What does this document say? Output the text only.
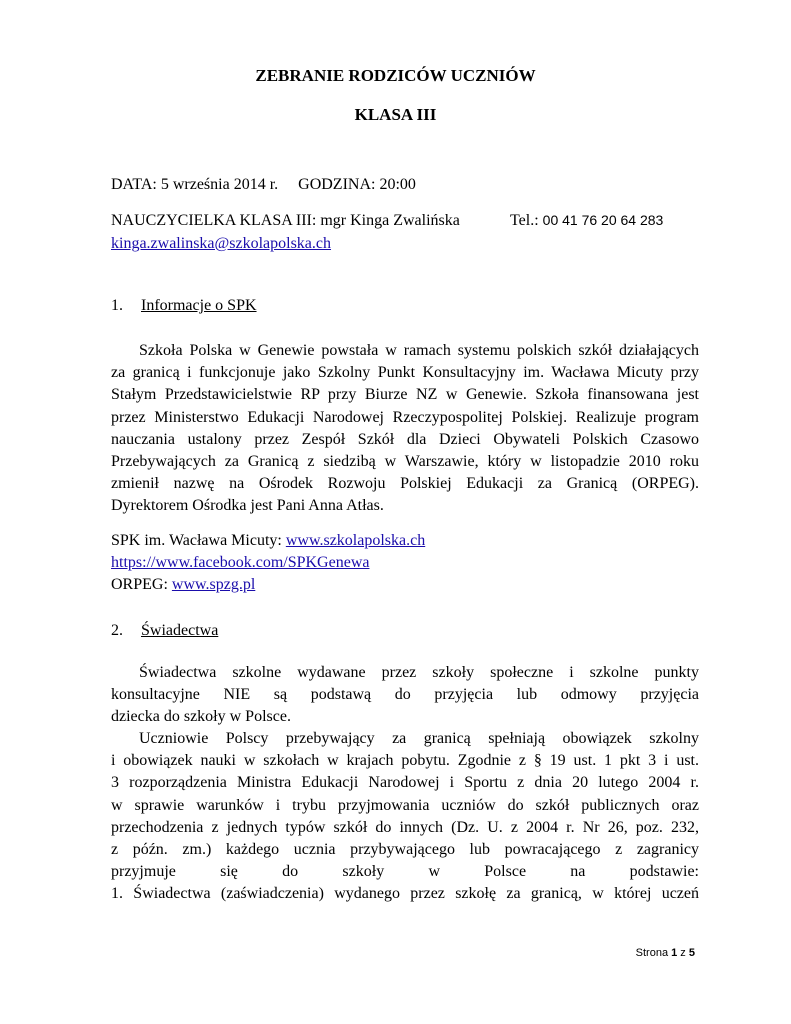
ZEBRANIE RODZICÓW UCZNIÓW
KLASA III
DATA: 5 września 2014 r.     GODZINA: 20:00
NAUCZYCIELKA KLASA III: mgr Kinga Zwalińska	Tel.: 00 41 76 20 64 283
kinga.zwalinska@szkolapolska.ch
1. Informacje o SPK
Szkoła Polska w Genewie powstała w ramach systemu polskich szkół działających
za granicą i funkcjonuje jako Szkolny Punkt Konsultacyjny im. Wacława Micuty przy
Stałym Przedstawicielstwie RP przy Biurze NZ w Genewie. Szkoła finansowana jest
przez Ministerstwo Edukacji Narodowej Rzeczypospolitej Polskiej. Realizuje program
nauczania ustalony przez Zespół Szkół dla Dzieci Obywateli Polskich Czasowo
Przebywających za Granicą z siedzibą w Warszawie, który w listopadzie 2010 roku
zmienił nazwę na Ośrodek Rozwoju Polskiej Edukacji za Granicą (ORPEG).
Dyrektorem Ośrodka jest Pani Anna Atłas.
SPK im. Wacława Micuty: www.szkolapolska.ch
https://www.facebook.com/SPKGenewa
ORPEG: www.spzg.pl
2. Świadectwa
Świadectwa szkolne wydawane przez szkoły społeczne i szkolne punkty
konsultacyjne NIE są podstawą do przyjęcia lub odmowy przyjęcia
dziecka do szkoły w Polsce.
Uczniowie Polscy przebywający za granicą spełniają obowiązek szkolny
i obowiązek nauki w szkołach w krajach pobytu. Zgodnie z § 19 ust. 1 pkt 3 i ust.
3 rozporządzenia Ministra Edukacji Narodowej i Sportu z dnia 20 lutego 2004 r.
w sprawie warunków i trybu przyjmowania uczniów do szkół publicznych oraz
przechodzenia z jednych typów szkół do innych (Dz. U. z 2004 r. Nr 26, poz. 232,
z późn. zm.) każdego ucznia przybywającego lub powracającego z zagranicy
przyjmuje się do szkoły w Polsce na podstawie:
1. Świadectwa (zaświadczenia) wydanego przez szkołę za granicą, w której uczeń
Strona 1 z 5
